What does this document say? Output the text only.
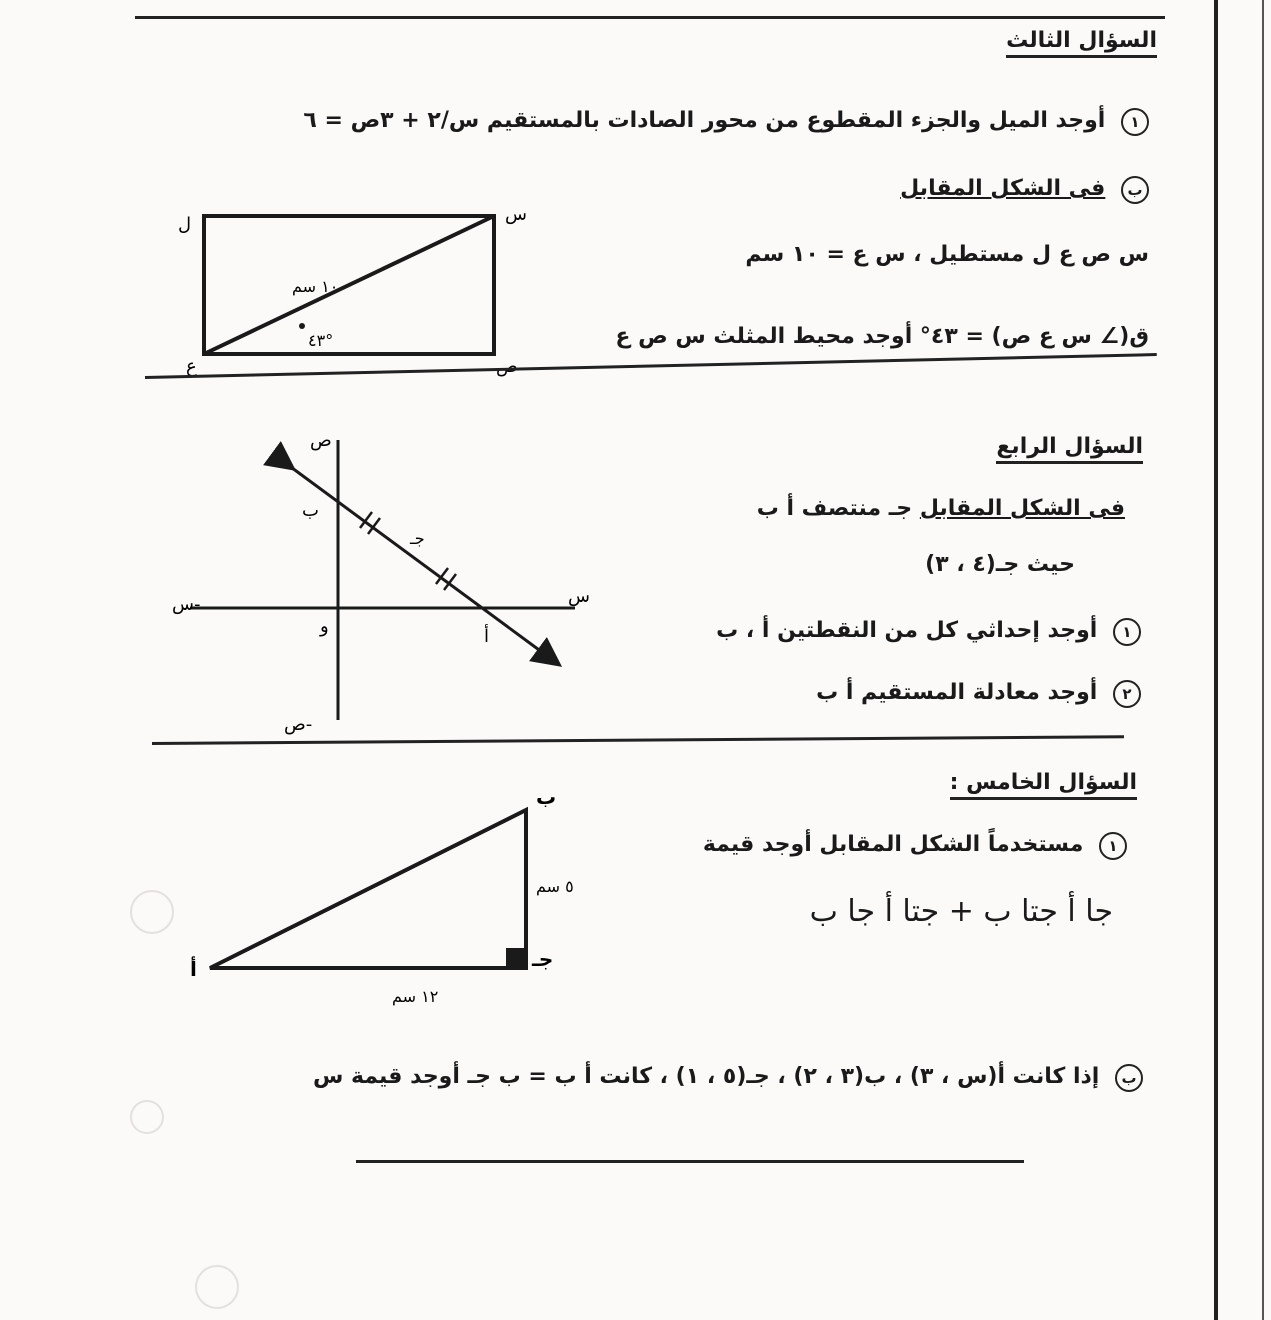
السؤال الثالث
١ أوجد الميل والجزء المقطوع من محور الصادات بالمستقيم س/٢ + ٣ص = ٦
ب فى الشكل المقابل
س ص ع ل مستطيل ، س ع = ١٠ سم
ق(∠ س ع ص) = ٤٣° أوجد محيط المثلث س ص ع
س
ل
ع	ص
١٠ سم
٤٣°
السؤال الرابع
فى الشكل المقابل جـ منتصف أ ب
حيث جـ(٤ ، ٣)
١ أوجد إحداثي كل من النقطتين أ ، ب
٢ أوجد معادلة المستقيم أ ب
ص
ص-
س
س-
و
ب
جـ
أ
السؤال الخامس :
١ مستخدماً الشكل المقابل أوجد قيمة
جا أ جتا ب + جتا أ جا ب
ب
جـ
أ
٥ سم
١٢ سم
ب إذا كانت أ(س ، ٣) ، ب(٣ ، ٢) ، جـ(٥ ، ١) ، كانت أ ب = ب جـ أوجد قيمة س
